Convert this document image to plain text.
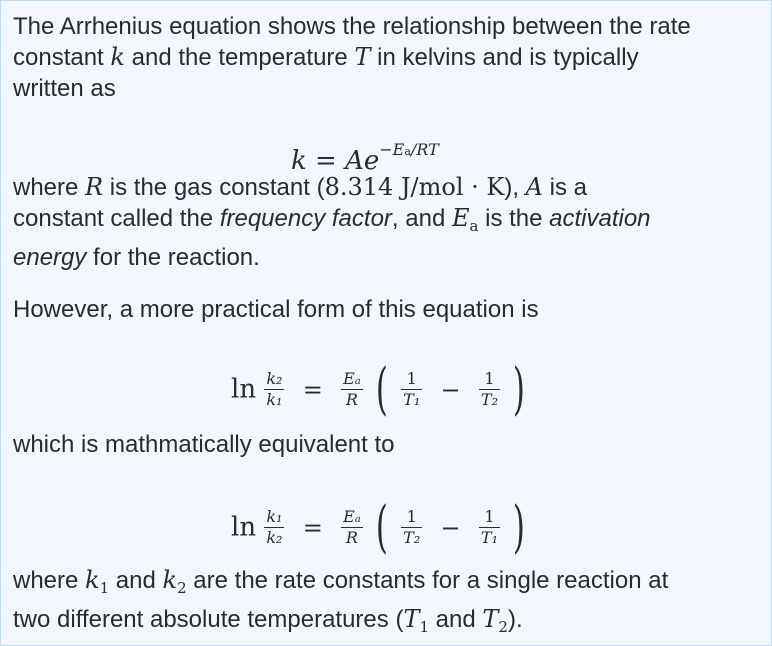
The Arrhenius equation shows the relationship between the rate
constant k and the temperature T in kelvins and is typically
written as

$k = Ae^{-Ea/RT}$

where R is the gas constant (8.314 J/mol · K), A is a
constant called the frequency factor, and $E_a$ is the activation
energy for the reaction.

However, a more practical form of this equation is

$\ln \frac{\text{k₂}}{\text{k₁}} = \frac{\text{Eₐ}}{R}$ ( $\frac{1}{\text{T₁}} - \frac{1}{\text{T₂}}$ )

which is mathmatically equivalent to

$\ln \frac{\text{k₁}}{\text{k₂}} = \frac{\text{Eₐ}}{R}$ ( $\frac{1}{\text{T₂}} - \frac{1}{\text{T₁}}$ )

where $k_1$ and $k_2$ are the rate constants for a single reaction at
two different absolute temperatures ($T_1$ and $T_2$).
